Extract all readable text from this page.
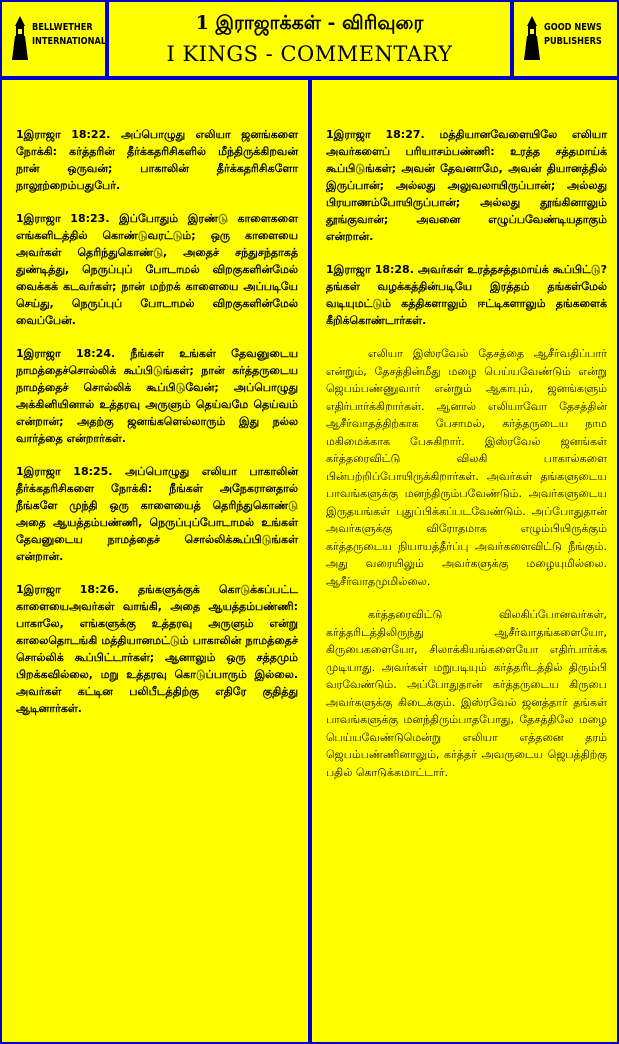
BELLWETHER
INTERNATIONAL
1 இராஜாக்கள் - விரிவுரை
I KINGS - COMMENTARY
GOOD NEWS
PUBLISHERS

1இராஜா 18:22. அப்பொழுது எலியா ஜனங்களை நோக்கி: கர்த்தரின் தீர்க்கதரிசிகளில் மீந்திருக்கிறவன் நான் ஒருவன்; பாகாலின் தீர்க்கதரிசிகளோ நாலூற்றைம்பதுபேர்.

1இராஜா 18:23. இப்போதும் இரண்டு காளைகளை எங்களிடத்தில் கொண்டுவரட்டும்; ஒரு காளையை அவர்கள் தெரிந்துகொண்டு, அதைச் சந்துசந்தாகத் துண்டித்து, நெருப்புப் போடாமல் விறகுகளின்மேல் வைக்கக் கடவர்கள்; நான் மற்றக் காளையை அப்படியே செய்து, நெருப்புப் போடாமல் விறகுகளின்மேல் வைப்பேன்.

1இராஜா 18:24. நீங்கள் உங்கள் தேவனுடைய நாமத்தைச்சொல்லிக் கூப்பிடுங்கள்; நான் கர்த்தருடைய நாமத்தைச் சொல்லிக் கூப்பிடுவேன்; அப்பொழுது அக்கினியினால் உத்தரவு அருளும் தெய்வமே தெய்வம் என்றான்; அதற்கு ஜனங்களெல்லாரும் இது நல்ல வார்த்தை என்றார்கள்.

1இராஜா 18:25. அப்பொழுது எலியா பாகாலின் தீர்க்கதரிசிகளை நோக்கி: நீங்கள் அநேகரானதால் நீங்களே முந்தி ஒரு காளையைத் தெரிந்துகொண்டு அதை ஆயத்தம்பண்ணி, நெருப்புப்போடாமல் உங்கள் தேவனுடைய நாமத்தைச் சொல்லிக்கூப்பிடுங்கள் என்றான்.

1இராஜா 18:26. தங்களுக்குக் கொடுக்கப்பட்ட காளையைஅவர்கள் வாங்கி, அதை ஆயத்தம்பண்ணி: பாகாலே, எங்களுக்கு உத்தரவு அருளும் என்று காலைதொடங்கி மத்தியானமட்டும் பாகாலின் நாமத்தைச் சொல்லிக் கூப்பிட்டார்கள்; ஆனாலும் ஒரு சத்தமும் பிறக்கவில்லை, மறு உத்தரவு கொடுப்பாரும் இல்லை. அவர்கள் கட்டின பலிபீடத்திற்கு எதிரே குதித்து ஆடினார்கள்.

1இராஜா 18:27. மத்தியானவேளையிலே எலியா அவர்களைப் பரியாசம்பண்ணி: உரத்த சத்தமாய்க் கூப்பிடுங்கள்; அவன் தேவனாமே, அவன் தியானத்தில் இருப்பான்; அல்லது அலுவலாயிருப்பான்; அல்லது பிரயாணம்போயிருப்பான்; அல்லது தூங்கினாலும் தூங்குவான்; அவனை எழுப்பவேண்டியதாகும் என்றான்.

1இராஜா 18:28. அவர்கள் உரத்தசத்தமாய்க் கூப்பிட்டு? தங்கள் வழக்கத்தின்படியே இரத்தம் தங்கள்மேல் வடியுமட்டும் கத்திகளாலும் ஈட்டிகளாலும் தங்களைக் கீறிக்கொண்டார்கள்.

எலியா இஸ்ரவேல் தேசத்தை ஆசீர்வதிப்பார் என்றும், தேசத்தின்மீது மழை பெய்யவேண்டும் என்று ஜெபம்பண்ணுவார் என்றும் ஆகாபும், ஜனங்களும் எதிர்பார்க்கிறார்கள். ஆனால் எலியாவோ தேசத்தின் ஆசீர்வாதத்திற்காக பேசாமல், கர்த்தருடைய நாம மகிமைக்காக பேசுகிறார். இஸ்ரவேல் ஜனங்கள் கர்த்தரைவிட்டு விலகி பாகால்களை பின்பற்றிப்போயிருக்கிறார்கள். அவர்கள் தங்களுடைய பாவங்களுக்கு மனந்திரும்பவேண்டும். அவர்களுடைய இருதயங்கள் புதுப்பிக்கப்படவேண்டும். அப்போதுதான் அவர்களுக்கு விரோதமாக எழும்பியிருக்கும் கர்த்தருடைய நியாயத்தீர்ப்பு அவர்களைவிட்டு நீங்கும். அது வரையிலும் அவர்களுக்கு மழையுமில்லை. ஆசீர்வாதமுமில்லை.

கர்த்தரைவிட்டு விலகிப்போனவர்கள், கர்த்தரிடத்திலிருந்து ஆசீர்வாதங்களையோ, கிருபைகளையோ, சிலாக்கியங்களையோ எதிர்பார்க்க முடியாது. அவர்கள் மறுபடியும் கர்த்தரிடத்தில் திரும்பி வரவேண்டும். அப்போதுதான் கர்த்தருடைய கிருபை அவர்களுக்கு கிடைக்கும். இஸ்ரவேல் ஜனத்தார் தங்கள் பாவங்களுக்கு மனந்திரும்பாதபோது, தேசத்திலே மழை பெய்யவேண்டுமென்று எலியா எத்தனை தரம் ஜெபம்பண்ணினாலும், கர்த்தர் அவருடைய ஜெபத்திற்கு பதில் கொடுக்கமாட்டார்.
